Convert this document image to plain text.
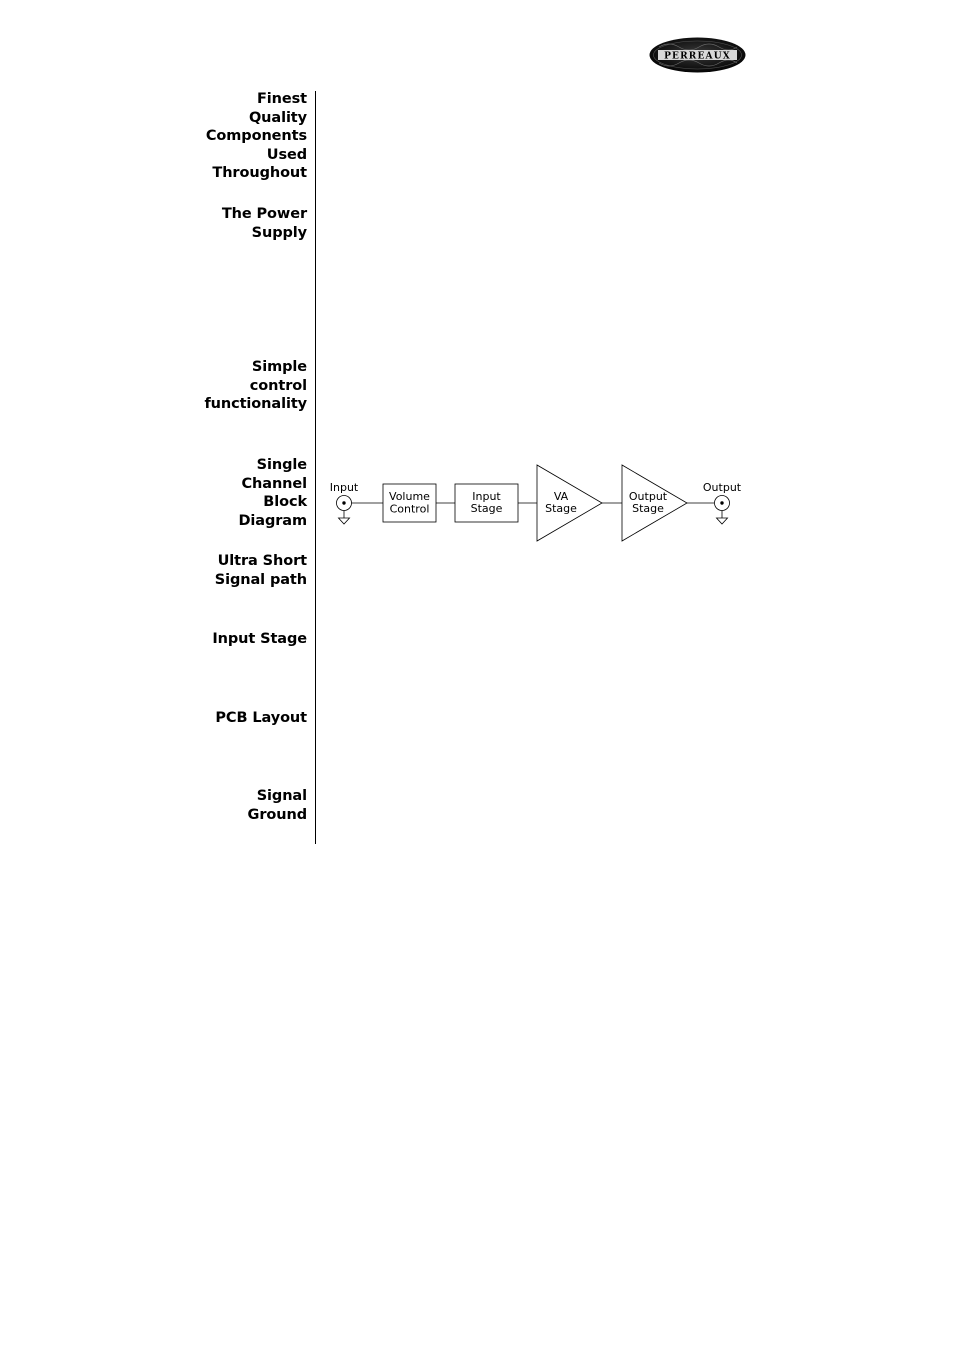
PERREAUX
Finest
Quality
Components
Used
Throughout
The Power
Supply
Simple
control
functionality
Single
Channel
Block
Diagram
Ultra Short
Signal path
Input Stage
PCB Layout
Signal
Ground
Input
Volume
Control
Input
Stage
VA
Stage
Output
Stage
Output
